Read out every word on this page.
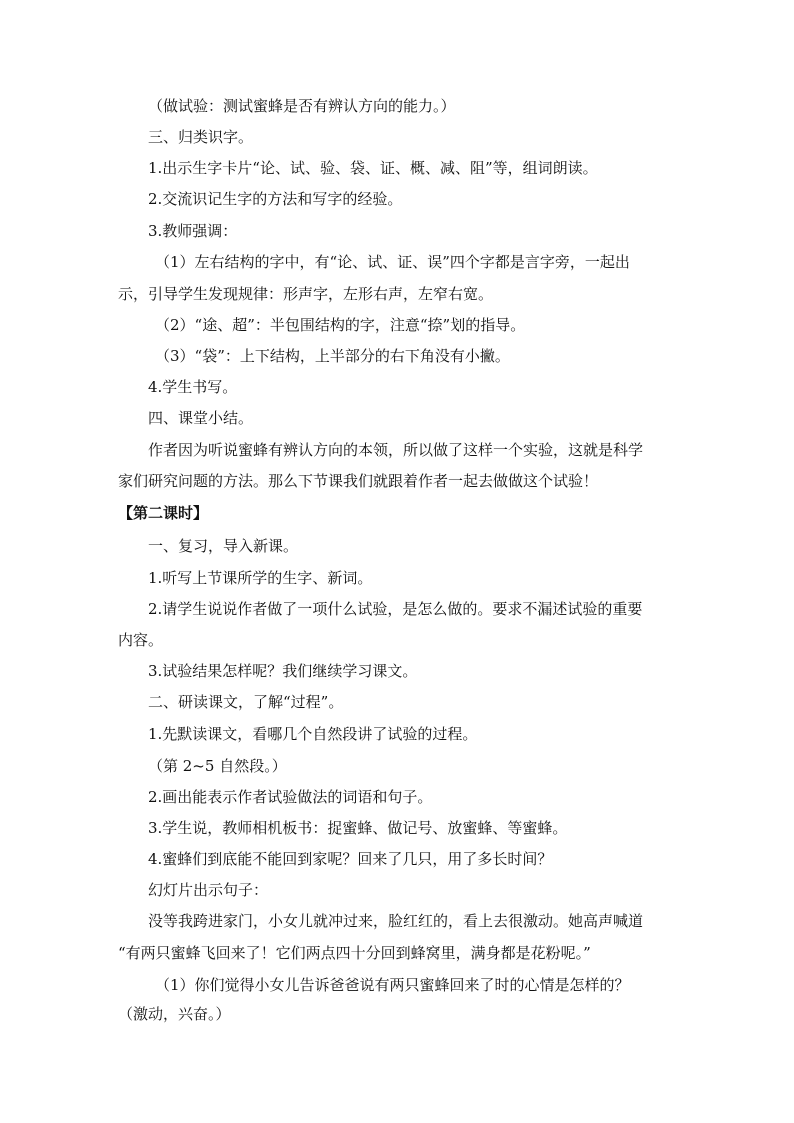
（做试验：测试蜜蜂是否有辨认方向的能力。）
三、归类识字。
1.出示生字卡片“论、试、验、袋、证、概、减、阻”等，组词朗读。
2.交流识记生字的方法和写字的经验。
3.教师强调：
（1）左右结构的字中，有“论、试、证、误”四个字都是言字旁，一起出
示，引导学生发现规律：形声字，左形右声，左窄右宽。
（2）“途、超”：半包围结构的字，注意“捺”划的指导。
（3）“袋”：上下结构，上半部分的右下角没有小撇。
4.学生书写。
四、课堂小结。
作者因为听说蜜蜂有辨认方向的本领，所以做了这样一个实验，这就是科学
家们研究问题的方法。那么下节课我们就跟着作者一起去做做这个试验！
【第二课时】
一、复习，导入新课。
1.听写上节课所学的生字、新词。
2.请学生说说作者做了一项什么试验，是怎么做的。要求不漏述试验的重要
内容。
3.试验结果怎样呢？我们继续学习课文。
二、研读课文，了解“过程”。
1.先默读课文，看哪几个自然段讲了试验的过程。
（第 2~5 自然段。）
2.画出能表示作者试验做法的词语和句子。
3.学生说，教师相机板书：捉蜜蜂、做记号、放蜜蜂、等蜜蜂。
4.蜜蜂们到底能不能回到家呢？回来了几只，用了多长时间？
幻灯片出示句子：
没等我跨进家门，小女儿就冲过来，脸红红的，看上去很激动。她高声喊道
“有两只蜜蜂飞回来了！它们两点四十分回到蜂窝里，满身都是花粉呢。”
（1）你们觉得小女儿告诉爸爸说有两只蜜蜂回来了时的心情是怎样的？
（激动，兴奋。）
